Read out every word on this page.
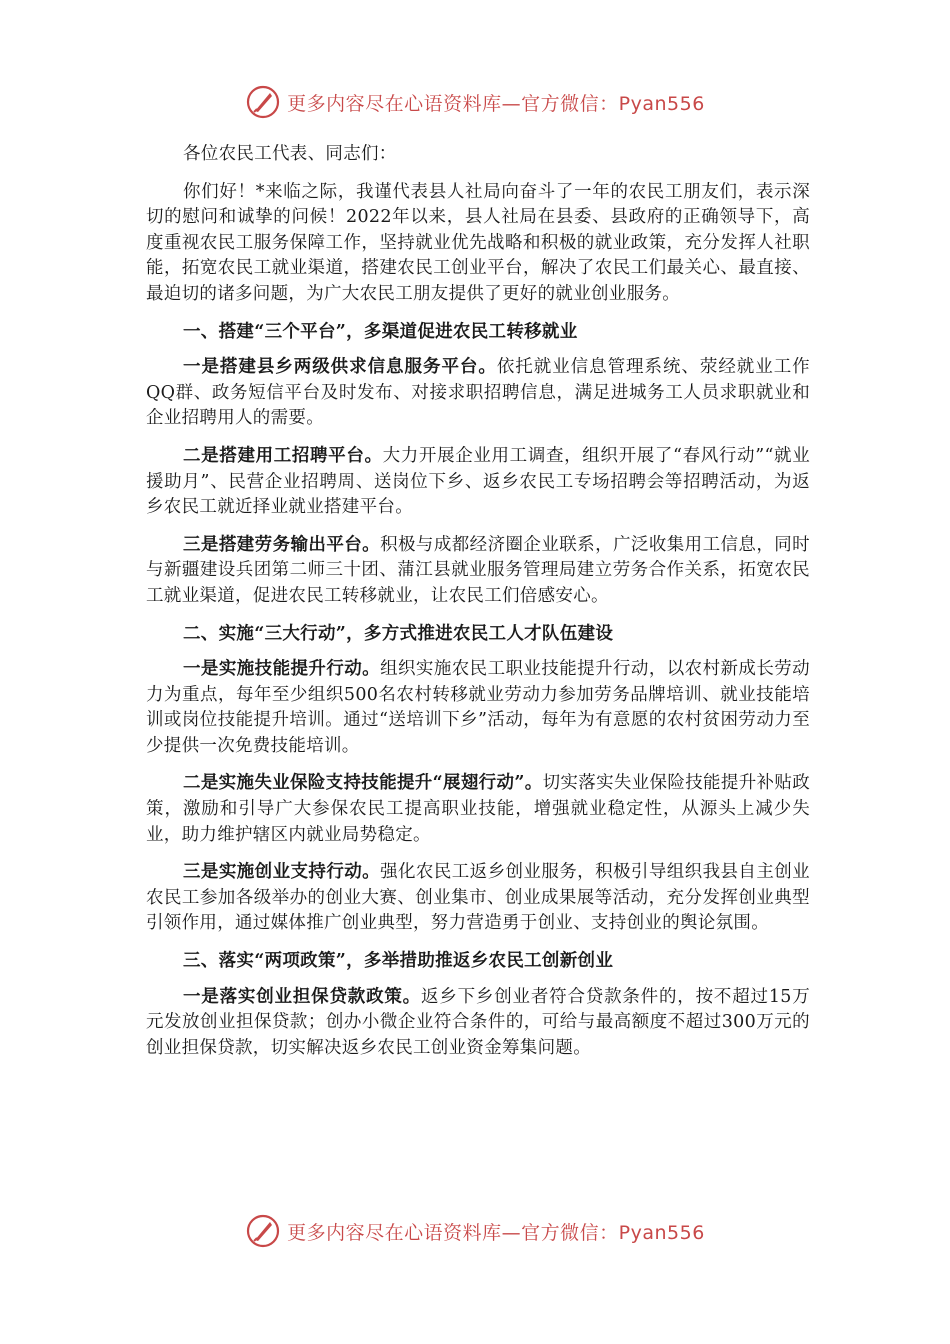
更多内容尽在心语资料库—官方微信：Pyan556

各位农民工代表、同志们：

你们好！*来临之际，我谨代表县人社局向奋斗了一年的农民工朋友们，表示深切的慰问和诚挚的问候！2022年以来，县人社局在县委、县政府的正确领导下，高度重视农民工服务保障工作，坚持就业优先战略和积极的就业政策，充分发挥人社职能，拓宽农民工就业渠道，搭建农民工创业平台，解决了农民工们最关心、最直接、最迫切的诸多问题，为广大农民工朋友提供了更好的就业创业服务。

一、搭建“三个平台”，多渠道促进农民工转移就业

一是搭建县乡两级供求信息服务平台。依托就业信息管理系统、荥经就业工作QQ群、政务短信平台及时发布、对接求职招聘信息，满足进城务工人员求职就业和企业招聘用人的需要。

二是搭建用工招聘平台。大力开展企业用工调查，组织开展了“春风行动”“就业援助月”、民营企业招聘周、送岗位下乡、返乡农民工专场招聘会等招聘活动，为返乡农民工就近择业就业搭建平台。

三是搭建劳务输出平台。积极与成都经济圈企业联系，广泛收集用工信息，同时与新疆建设兵团第二师三十团、蒲江县就业服务管理局建立劳务合作关系，拓宽农民工就业渠道，促进农民工转移就业，让农民工们倍感安心。

二、实施“三大行动”，多方式推进农民工人才队伍建设

一是实施技能提升行动。组织实施农民工职业技能提升行动，以农村新成长劳动力为重点，每年至少组织500名农村转移就业劳动力参加劳务品牌培训、就业技能培训或岗位技能提升培训。通过“送培训下乡”活动，每年为有意愿的农村贫困劳动力至少提供一次免费技能培训。

二是实施失业保险支持技能提升“展翅行动”。切实落实失业保险技能提升补贴政策，激励和引导广大参保农民工提高职业技能，增强就业稳定性，从源头上减少失业，助力维护辖区内就业局势稳定。

三是实施创业支持行动。强化农民工返乡创业服务，积极引导组织我县自主创业农民工参加各级举办的创业大赛、创业集市、创业成果展等活动，充分发挥创业典型引领作用，通过媒体推广创业典型，努力营造勇于创业、支持创业的舆论氛围。

三、落实“两项政策”，多举措助推返乡农民工创新创业

一是落实创业担保贷款政策。返乡下乡创业者符合贷款条件的，按不超过15万元发放创业担保贷款；创办小微企业符合条件的，可给与最高额度不超过300万元的创业担保贷款，切实解决返乡农民工创业资金筹集问题。

更多内容尽在心语资料库—官方微信：Pyan556
